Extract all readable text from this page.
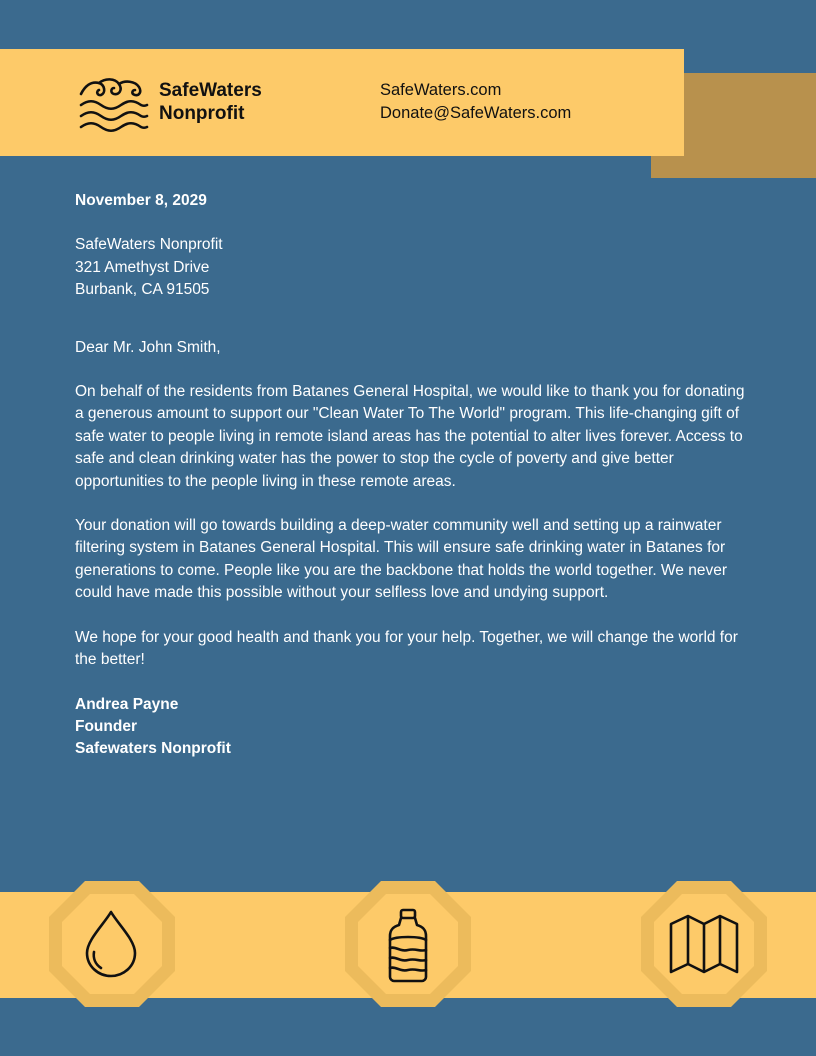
SafeWaters
Nonprofit
SafeWaters.com
Donate@SafeWaters.com

November 8, 2029

SafeWaters Nonprofit
321 Amethyst Drive
Burbank, CA 91505

Dear Mr. John Smith,

On behalf of the residents from Batanes General Hospital, we would like to thank you for donating a generous amount to support our "Clean Water To The World" program. This life-changing gift of safe water to people living in remote island areas has the potential to alter lives forever. Access to safe and clean drinking water has the power to stop the cycle of poverty and give better opportunities to the people living in these remote areas.

Your donation will go towards building a deep-water community well and setting up a rainwater filtering system in Batanes General Hospital. This will ensure safe drinking water in Batanes for generations to come. People like you are the backbone that holds the world together. We never could have made this possible without your selfless love and undying support.

We hope for your good health and thank you for your help. Together, we will change the world for the better!

Andrea Payne
Founder
Safewaters Nonprofit
